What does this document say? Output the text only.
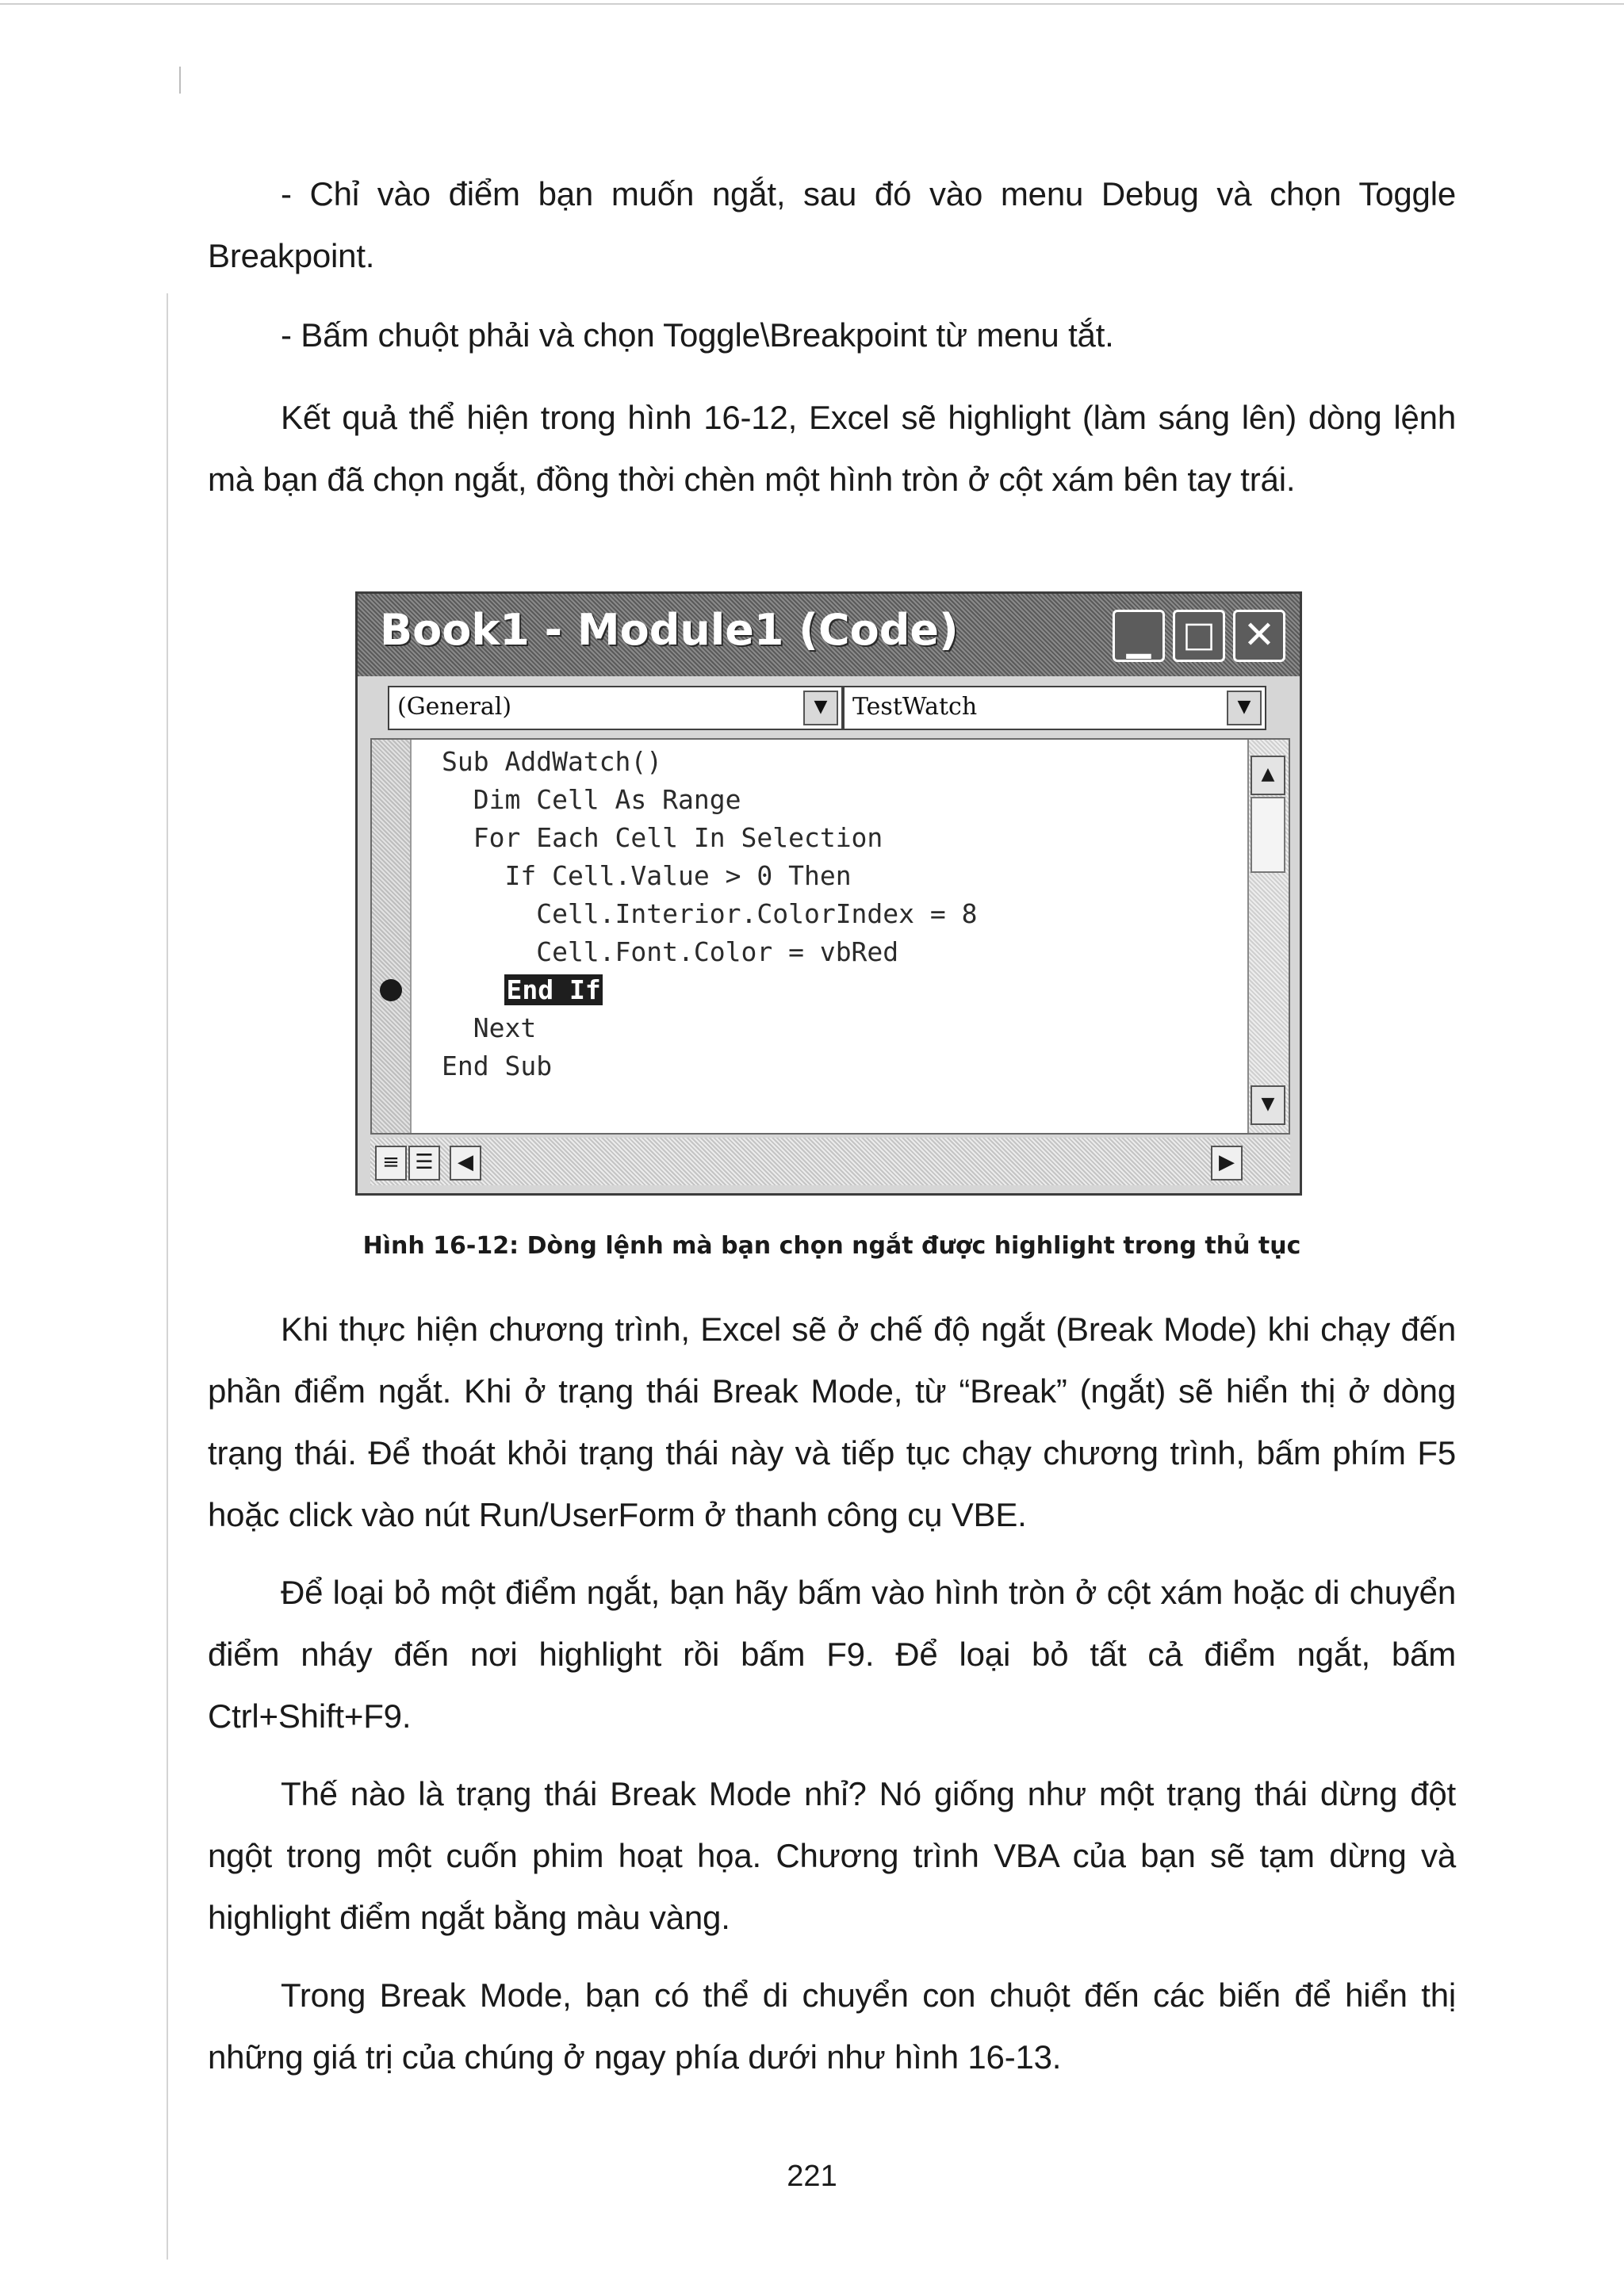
- Chỉ vào điểm bạn muốn ngắt, sau đó vào menu Debug và chọn Toggle Breakpoint.

- Bấm chuột phải và chọn Toggle\Breakpoint từ menu tắt.

Kết quả thể hiện trong hình 16-12, Excel sẽ highlight (làm sáng lên) dòng lệnh mà bạn đã chọn ngắt, đồng thời chèn một hình tròn ở cột xám bên tay trái.

Book1 - Module1 (Code)	▁ □ ✕
(General)	▼	TestWatch	▼
Sub AddWatch()
Dim Cell As Range
For Each Cell In Selection
If Cell.Value > 0 Then
Cell.Interior.ColorIndex = 8
Cell.Font.Color = vbRed
End If
Next
End Sub
▲
▼
≡ ☰	◀	▶

Hình 16-12: Dòng lệnh mà bạn chọn ngắt được highlight trong thủ tục

Khi thực hiện chương trình, Excel sẽ ở chế độ ngắt (Break Mode) khi chạy đến phần điểm ngắt. Khi ở trạng thái Break Mode, từ “Break” (ngắt) sẽ hiển thị ở dòng trạng thái. Để thoát khỏi trạng thái này và tiếp tục chạy chương trình, bấm phím F5 hoặc click vào nút Run/UserForm ở thanh công cụ VBE.

Để loại bỏ một điểm ngắt, bạn hãy bấm vào hình tròn ở cột xám hoặc di chuyển điểm nháy đến nơi highlight rồi bấm F9. Để loại bỏ tất cả điểm ngắt, bấm Ctrl+Shift+F9.

Thế nào là trạng thái Break Mode nhỉ? Nó giống như một trạng thái dừng đột ngột trong một cuốn phim hoạt họa. Chương trình VBA của bạn sẽ tạm dừng và highlight điểm ngắt bằng màu vàng.

Trong Break Mode, bạn có thể di chuyển con chuột đến các biến để hiển thị những giá trị của chúng ở ngay phía dưới như hình 16-13.

221
